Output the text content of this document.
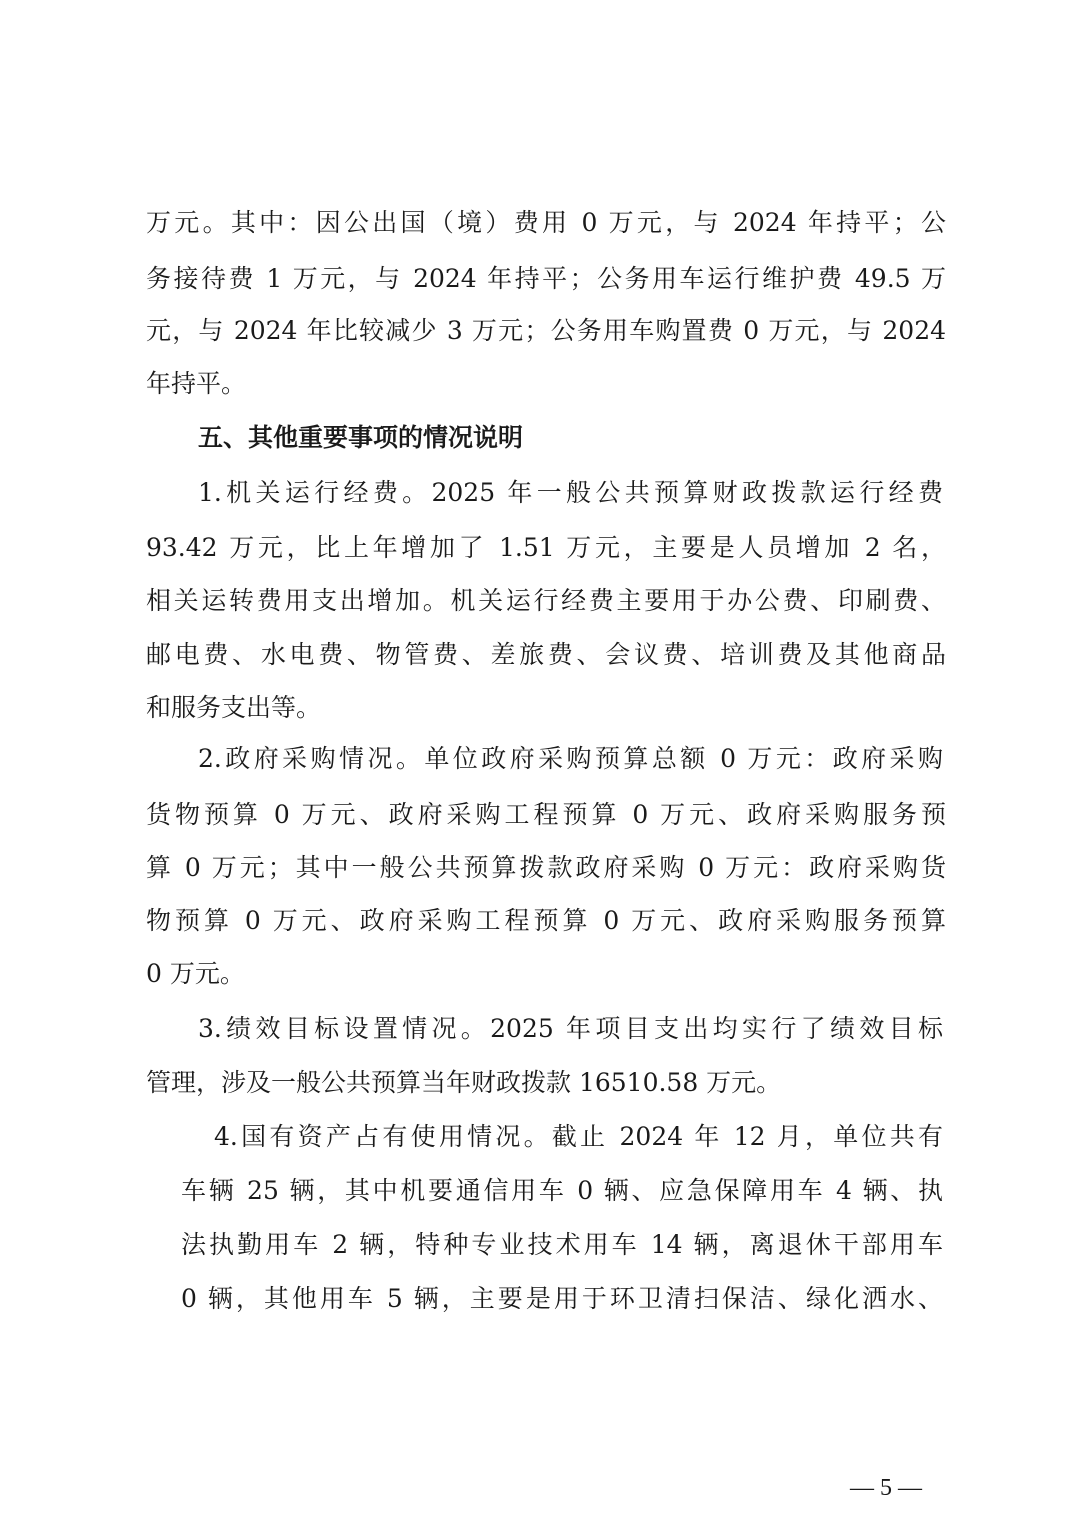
万元。其中：因公出国（境）费用 0 万元，与 2024 年持平；公
务接待费 1 万元，与 2024 年持平；公务用车运行维护费 49.5 万
元，与 2024 年比较减少 3 万元；公务用车购置费 0 万元，与 2024
年持平。
五、其他重要事项的情况说明
1.机关运行经费。2025 年一般公共预算财政拨款运行经费
93.42 万元，比上年增加了 1.51 万元，主要是人员增加 2 名，
相关运转费用支出增加。机关运行经费主要用于办公费、印刷费、
邮电费、水电费、物管费、差旅费、会议费、培训费及其他商品
和服务支出等。
2.政府采购情况。单位政府采购预算总额 0 万元：政府采购
货物预算 0 万元、政府采购工程预算 0 万元、政府采购服务预
算 0 万元；其中一般公共预算拨款政府采购 0 万元：政府采购货
物预算 0 万元、政府采购工程预算 0 万元、政府采购服务预算
0 万元。
3.绩效目标设置情况。2025 年项目支出均实行了绩效目标
管理，涉及一般公共预算当年财政拨款 16510.58 万元。
4.国有资产占有使用情况。截止 2024 年 12 月，单位共有
车辆 25 辆，其中机要通信用车 0 辆、应急保障用车 4 辆、执
法执勤用车 2 辆，特种专业技术用车 14 辆，离退休干部用车
0 辆，其他用车 5 辆，主要是用于环卫清扫保洁、绿化洒水、
— 5 —
